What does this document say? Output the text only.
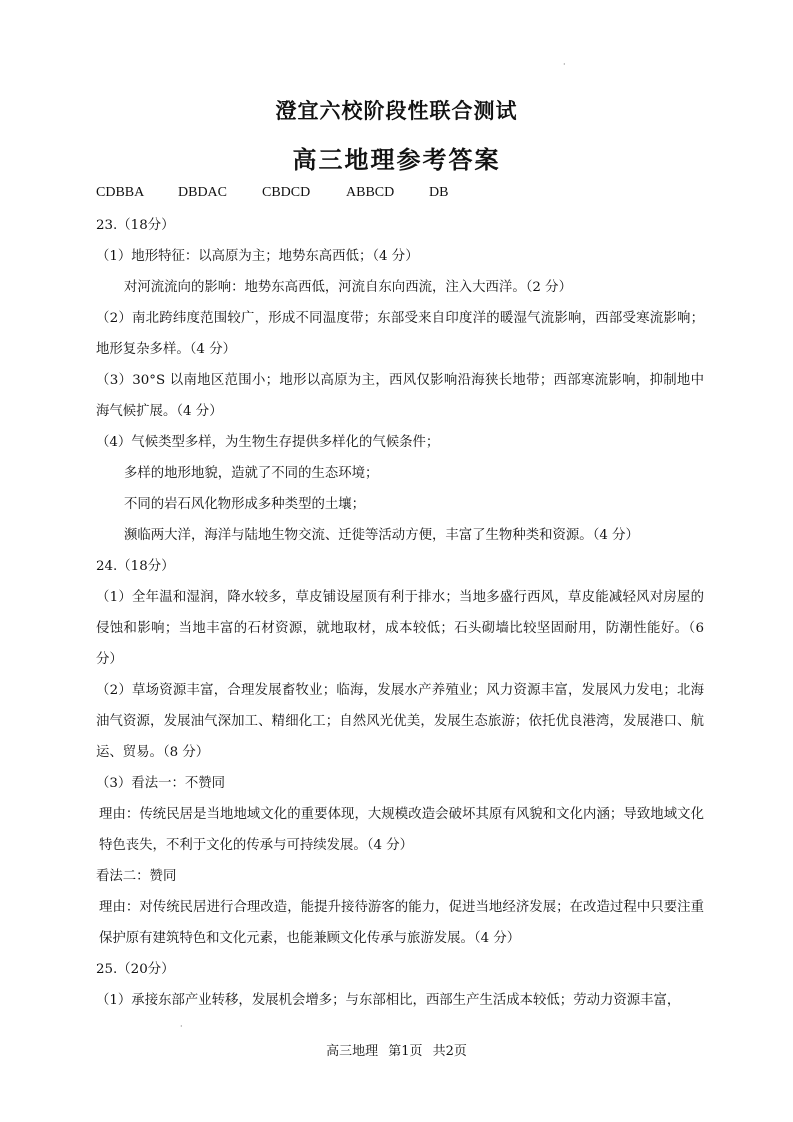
·
澄宜六校阶段性联合测试
高三地理参考答案
CDBBA DBDAC CBDCD	ABBCD DB

23.（18分）

（1）地形特征：以高原为主；地势东高西低；（4 分）

对河流流向的影响：地势东高西低，河流自东向西流，注入大西洋。（2 分）

（2）南北跨纬度范围较广，形成不同温度带；东部受来自印度洋的暖湿气流影响，西部受寒流影响；地形复杂多样。（4 分）

（3）30°S 以南地区范围小；地形以高原为主，西风仅影响沿海狭长地带；西部寒流影响，抑制地中海气候扩展。（4 分）

（4）气候类型多样，为生物生存提供多样化的气候条件；

多样的地形地貌，造就了不同的生态环境；

不同的岩石风化物形成多种类型的土壤；

濒临两大洋，海洋与陆地生物交流、迁徙等活动方便，丰富了生物种类和资源。（4 分）

24.（18分）

（1）全年温和湿润，降水较多，草皮铺设屋顶有利于排水；当地多盛行西风，草皮能减轻风对房屋的侵蚀和影响；当地丰富的石材资源，就地取材，成本较低；石头砌墙比较坚固耐用，防潮性能好。（6 分）

（2）草场资源丰富，合理发展畜牧业；临海，发展水产养殖业；风力资源丰富，发展风力发电；北海油气资源，发展油气深加工、精细化工；自然风光优美，发展生态旅游；依托优良港湾，发展港口、航运、贸易。（8 分）

（3）看法一：不赞同

理由：传统民居是当地地域文化的重要体现，大规模改造会破坏其原有风貌和文化内涵；导致地域文化特色丧失，不利于文化的传承与可持续发展。（4 分）

看法二：赞同

理由：对传统民居进行合理改造，能提升接待游客的能力，促进当地经济发展；在改造过程中只要注重保护原有建筑特色和文化元素，也能兼顾文化传承与旅游发展。（4 分）

25.（20分）

（1）承接东部产业转移，发展机会增多；与东部相比，西部生产生活成本较低；劳动力资源丰富，

·
高三地理 第1页 共2页
